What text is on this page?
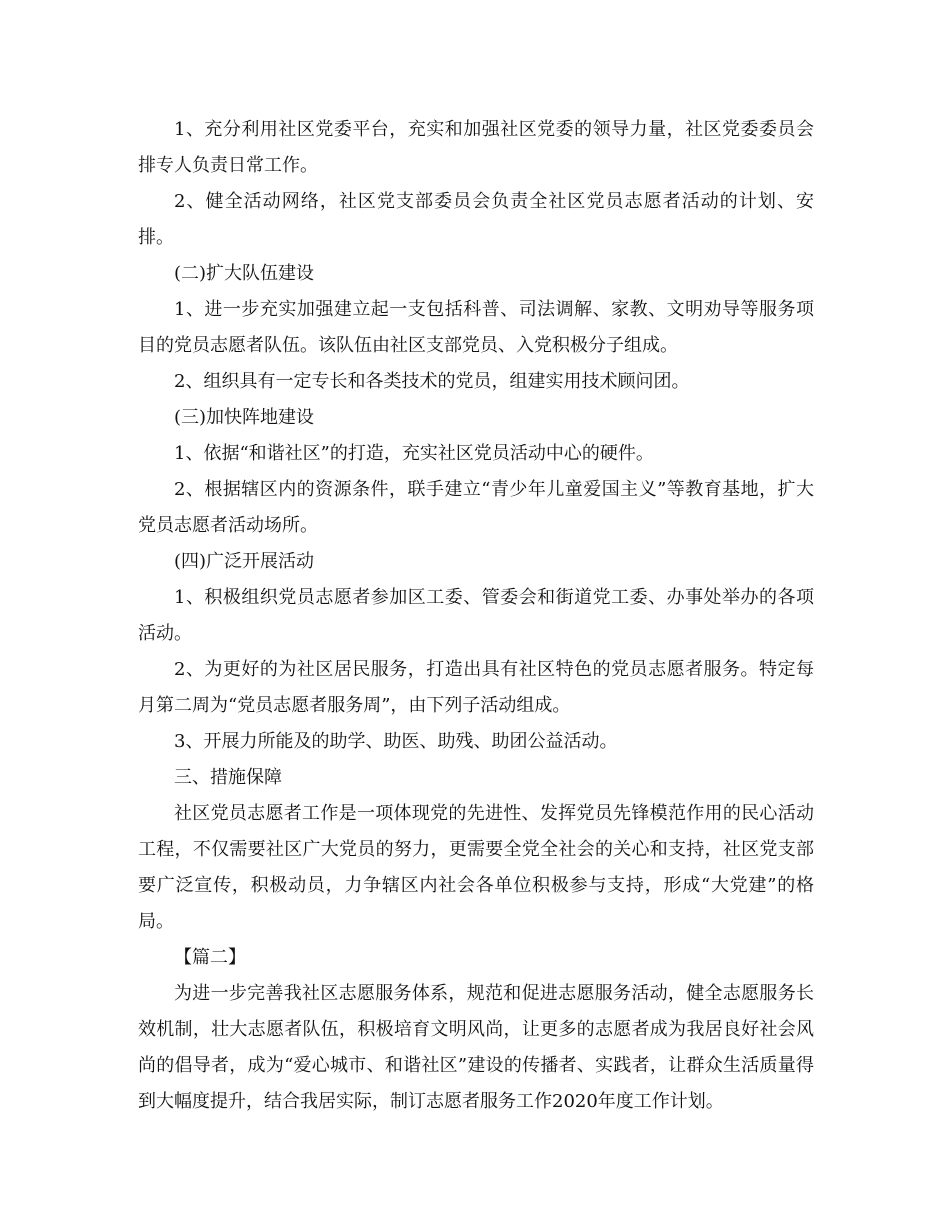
1、充分利用社区党委平台，充实和加强社区党委的领导力量，社区党委委员会排专人负责日常工作。

2、健全活动网络，社区党支部委员会负责全社区党员志愿者活动的计划、安排。

(二)扩大队伍建设

1、进一步充实加强建立起一支包括科普、司法调解、家教、文明劝导等服务项目的党员志愿者队伍。该队伍由社区支部党员、入党积极分子组成。

2、组织具有一定专长和各类技术的党员，组建实用技术顾问团。

(三)加快阵地建设

1、依据“和谐社区”的打造，充实社区党员活动中心的硬件。

2、根据辖区内的资源条件，联手建立“青少年儿童爱国主义”等教育基地，扩大党员志愿者活动场所。

(四)广泛开展活动

1、积极组织党员志愿者参加区工委、管委会和街道党工委、办事处举办的各项活动。

2、为更好的为社区居民服务，打造出具有社区特色的党员志愿者服务。特定每月第二周为“党员志愿者服务周”，由下列子活动组成。

3、开展力所能及的助学、助医、助残、助团公益活动。

三、措施保障

社区党员志愿者工作是一项体现党的先进性、发挥党员先锋模范作用的民心活动工程，不仅需要社区广大党员的努力，更需要全党全社会的关心和支持，社区党支部要广泛宣传，积极动员，力争辖区内社会各单位积极参与支持，形成“大党建”的格局。

【篇二】

为进一步完善我社区志愿服务体系，规范和促进志愿服务活动，健全志愿服务长效机制，壮大志愿者队伍，积极培育文明风尚，让更多的志愿者成为我居良好社会风尚的倡导者，成为“爱心城市、和谐社区”建设的传播者、实践者，让群众生活质量得到大幅度提升，结合我居实际，制订志愿者服务工作2020年度工作计划。
